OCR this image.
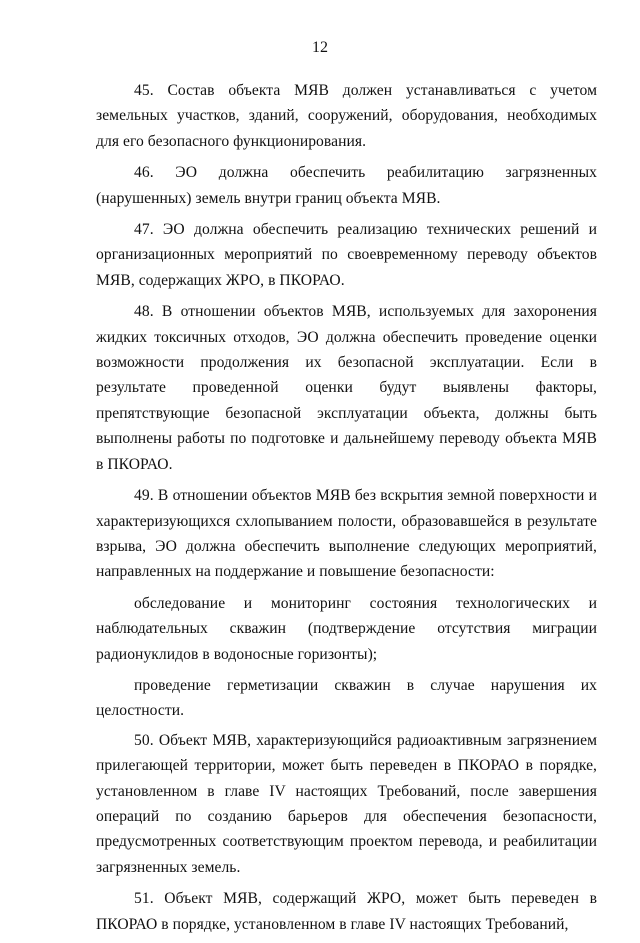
12

45. Состав объекта МЯВ должен устанавливаться с учетом земельных участков, зданий, сооружений, оборудования, необходимых для его безопасного функционирования.

46. ЭО должна обеспечить реабилитацию загрязненных (нарушенных) земель внутри границ объекта МЯВ.

47. ЭО должна обеспечить реализацию технических решений и организационных мероприятий по своевременному переводу объектов МЯВ, содержащих ЖРО, в ПКОРАО.

48. В отношении объектов МЯВ, используемых для захоронения жидких токсичных отходов, ЭО должна обеспечить проведение оценки возможности продолжения их безопасной эксплуатации. Если в результате проведенной оценки будут выявлены факторы, препятствующие безопасной эксплуатации объекта, должны быть выполнены работы по подготовке и дальнейшему переводу объекта МЯВ в ПКОРАО.

49. В отношении объектов МЯВ без вскрытия земной поверхности и характеризующихся схлопыванием полости, образовавшейся в результате взрыва, ЭО должна обеспечить выполнение следующих мероприятий, направленных на поддержание и повышение безопасности:

обследование и мониторинг состояния технологических и наблюдательных скважин (подтверждение отсутствия миграции радионуклидов в водоносные горизонты);

проведение герметизации скважин в случае нарушения их целостности.

50. Объект МЯВ, характеризующийся радиоактивным загрязнением прилегающей территории, может быть переведен в ПКОРАО в порядке, установленном в главе IV настоящих Требований, после завершения операций по созданию барьеров для обеспечения безопасности, предусмотренных соответствующим проектом перевода, и реабилитации загрязненных земель.

51. Объект МЯВ, содержащий ЖРО, может быть переведен в ПКОРАО в порядке, установленном в главе IV настоящих Требований,
